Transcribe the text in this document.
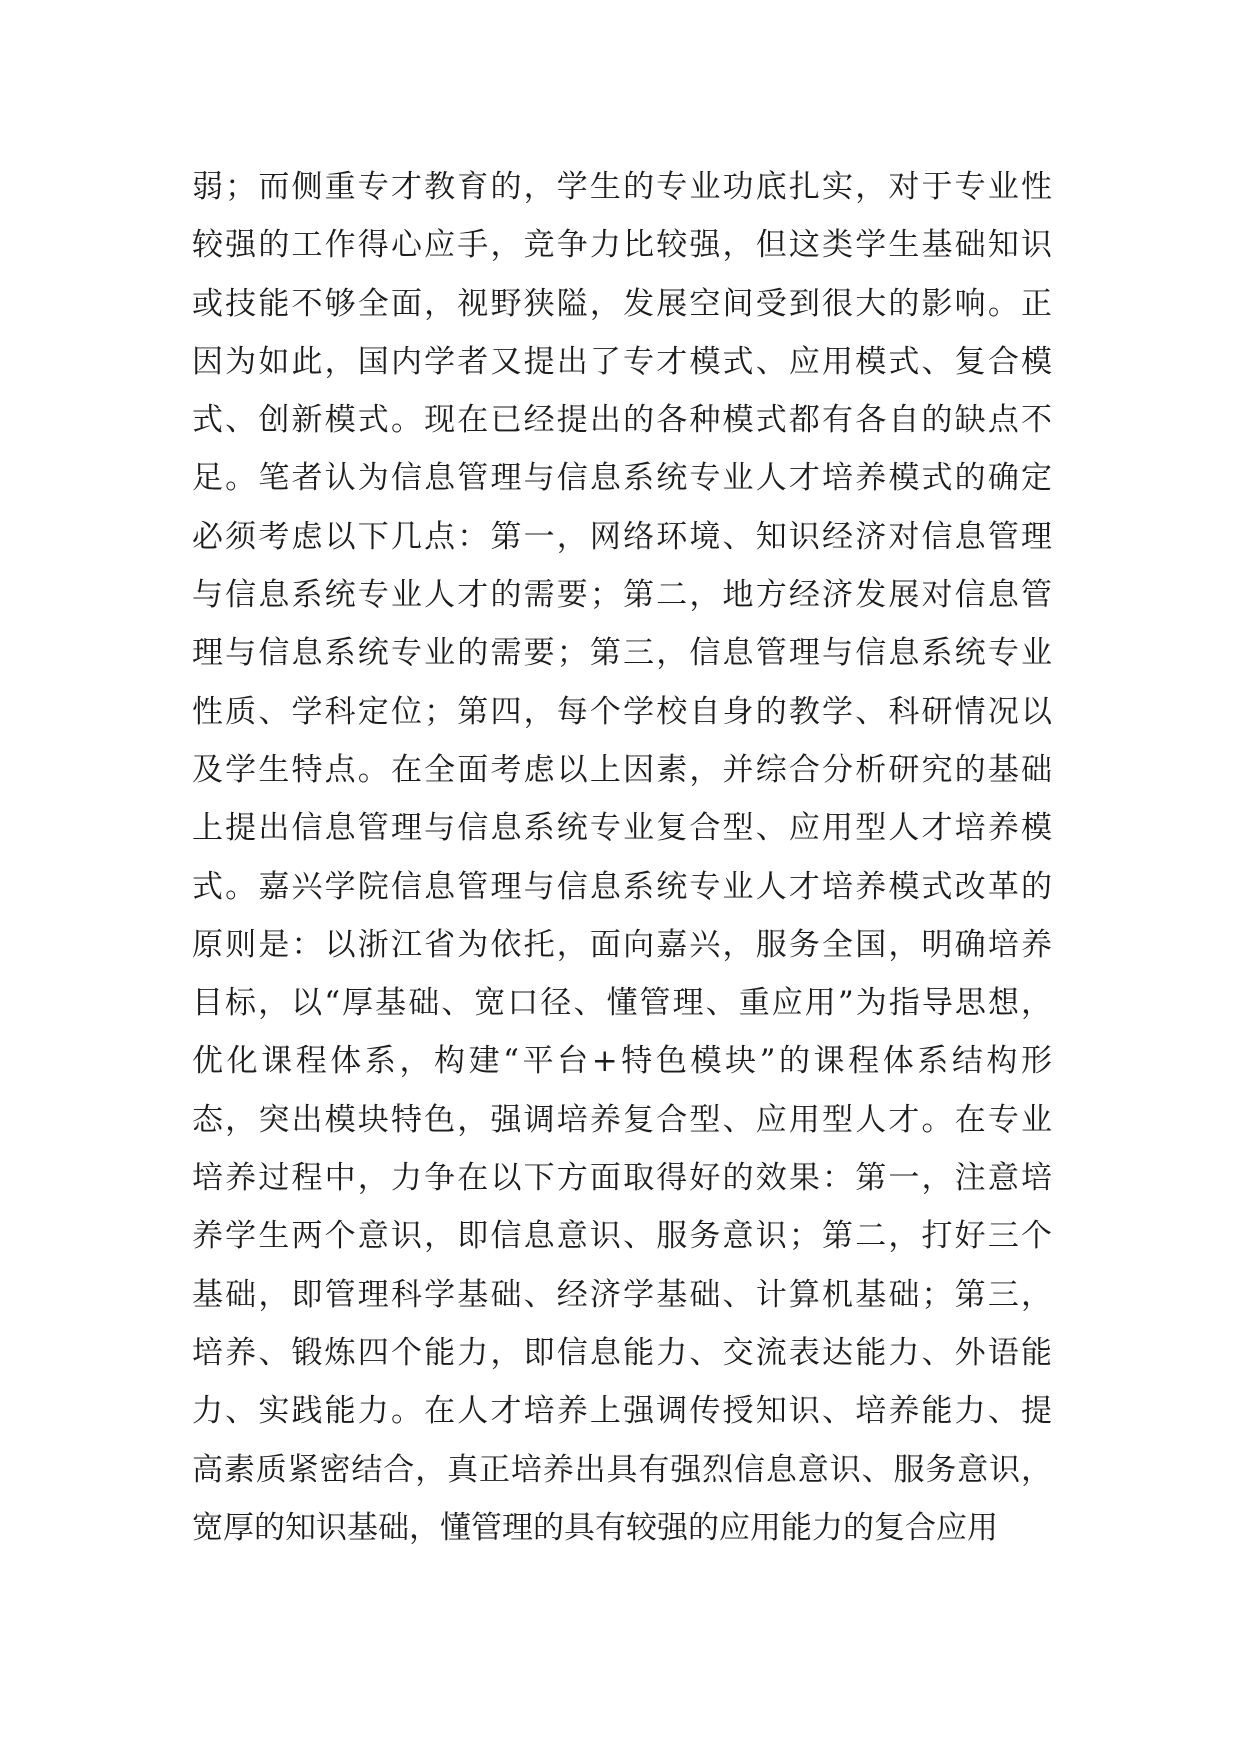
弱；而侧重专才教育的，学生的专业功底扎实，对于专业性
较强的工作得心应手，竞争力比较强，但这类学生基础知识
或技能不够全面，视野狭隘，发展空间受到很大的影响。正
因为如此，国内学者又提出了专才模式、应用模式、复合模
式、创新模式。现在已经提出的各种模式都有各自的缺点不
足。笔者认为信息管理与信息系统专业人才培养模式的确定
必须考虑以下几点：第一，网络环境、知识经济对信息管理
与信息系统专业人才的需要；第二，地方经济发展对信息管
理与信息系统专业的需要；第三，信息管理与信息系统专业
性质、学科定位；第四，每个学校自身的教学、科研情况以
及学生特点。在全面考虑以上因素，并综合分析研究的基础
上提出信息管理与信息系统专业复合型、应用型人才培养模
式。嘉兴学院信息管理与信息系统专业人才培养模式改革的
原则是：以浙江省为依托，面向嘉兴，服务全国，明确培养
目标，以“厚基础、宽口径、懂管理、重应用”为指导思想，
优化课程体系，构建“平台+特色模块”的课程体系结构形
态，突出模块特色，强调培养复合型、应用型人才。在专业
培养过程中，力争在以下方面取得好的效果：第一，注意培
养学生两个意识，即信息意识、服务意识；第二，打好三个
基础，即管理科学基础、经济学基础、计算机基础；第三，
培养、锻炼四个能力，即信息能力、交流表达能力、外语能
力、实践能力。在人才培养上强调传授知识、培养能力、提
高素质紧密结合，真正培养出具有强烈信息意识、服务意识，
宽厚的知识基础，懂管理的具有较强的应用能力的复合应用
